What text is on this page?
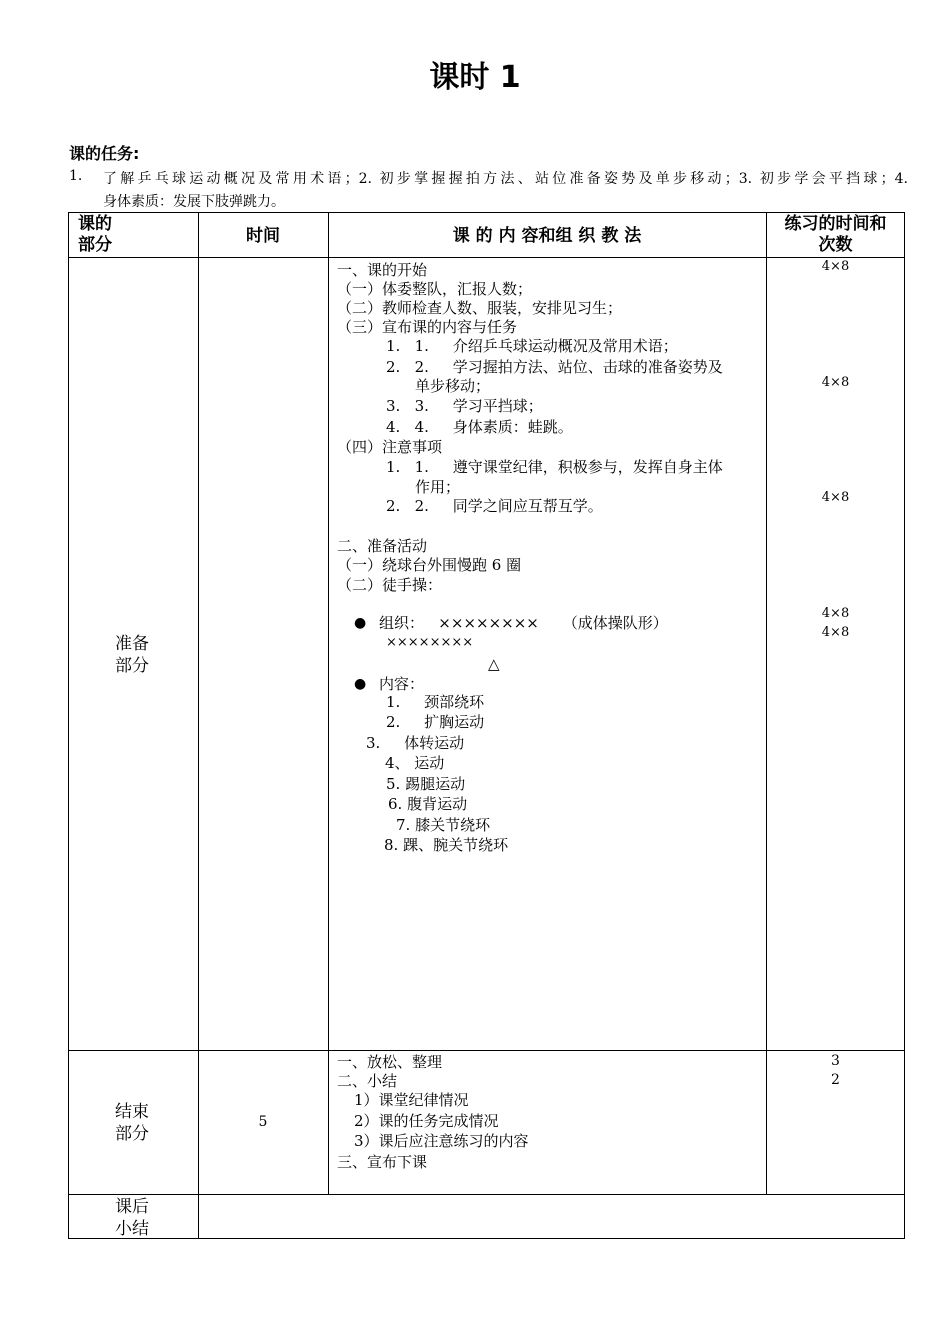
课时 1
课的任务:
1. 了解乒乓球运动概况及常用术语；2. 初步掌握握拍方法、站位准备姿势及单步移动；3. 初步学会平挡球；4.
身体素质：发展下肢弹跳力。
课的
部分	时间	课 的 内 容和组 织 教 法
练习的时间和
次数
准备
部分
一、课的开始
（一）体委整队，汇报人数；
（二）教师检查人数、服装，安排见习生；
（三）宣布课的内容与任务
1.   1.     介绍乒乓球运动概况及常用术语；
2.   2.     学习握拍方法、站位、击球的准备姿势及
单步移动；
3.   3.     学习平挡球；
4.   4.     身体素质：蛙跳。
（四）注意事项
1.   1.     遵守课堂纪律，积极参与，发挥自身主体
作用；
2.   2.     同学之间应互帮互学。
二、准备活动
（一）绕球台外围慢跑 6 圈
（二）徒手操：
● 组织：   ××××××××     （成体操队形）
××××××××
△
● 内容：
1.     颈部绕环
2.     扩胸运动
3.     体转运动
4、 运动
5. 踢腿运动
6. 腹背运动
7. 膝关节绕环
8. 踝、腕关节绕环
4×8
4×8
4×8
4×8
4×8
结束
部分
5
一、放松、整理
二、小结
1）课堂纪律情况
2）课的任务完成情况
3）课后应注意练习的内容
三、宣布下课
3
2
课后
小结
